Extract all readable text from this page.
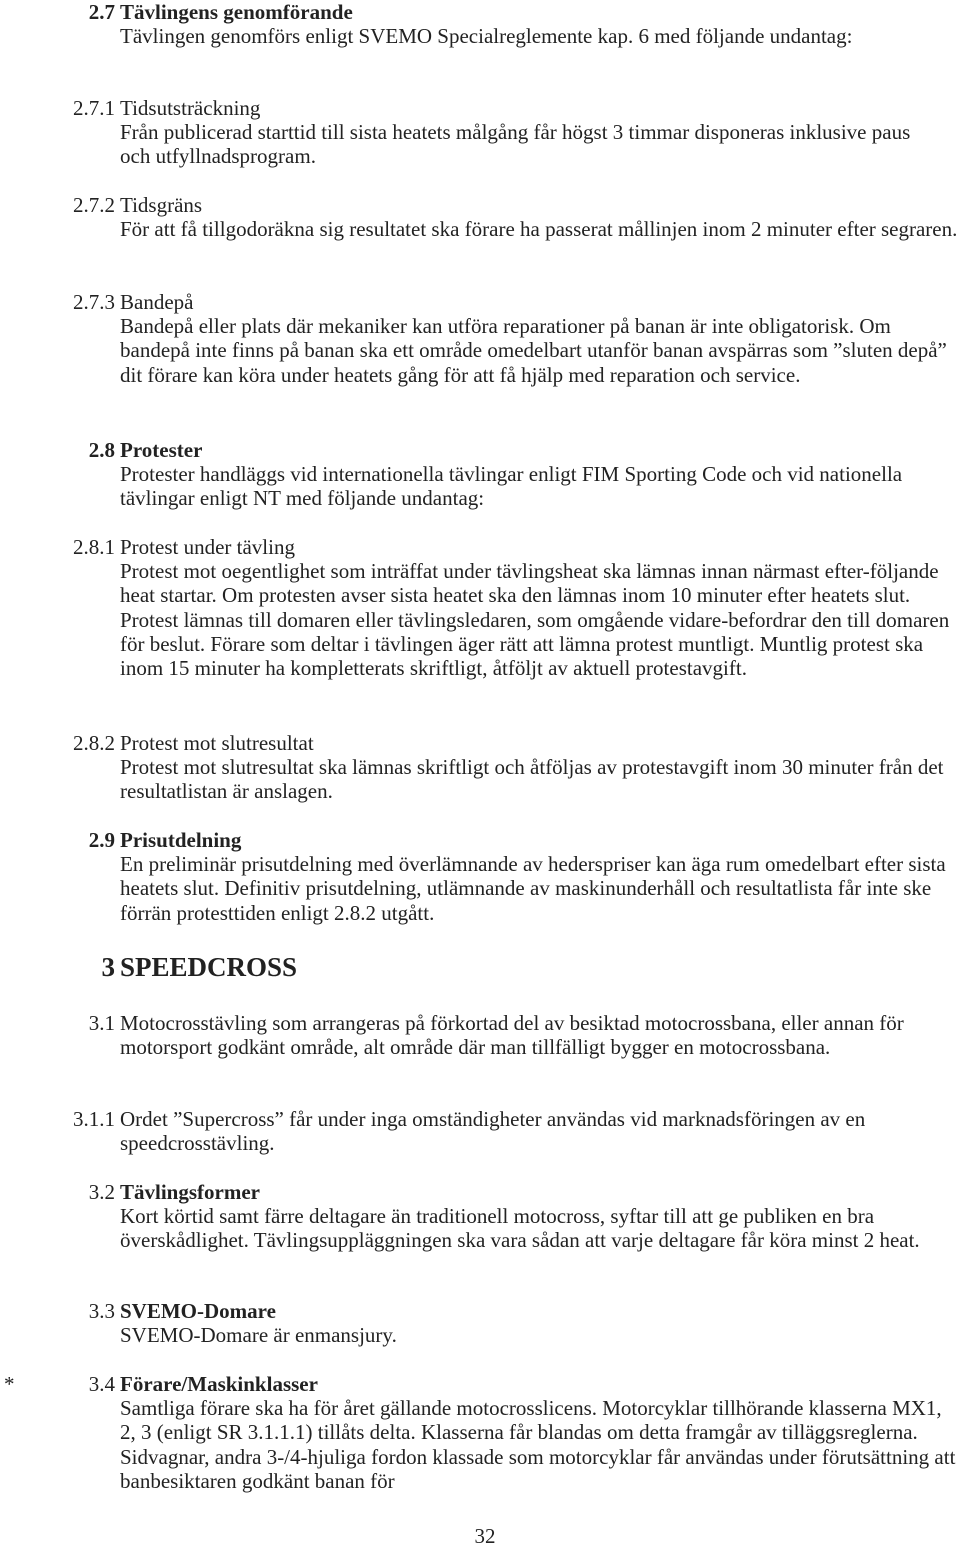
2.7 Tävlingens genomförande
Tävlingen genomförs enligt SVEMO Specialreglemente kap. 6 med följande undantag:
2.7.1 Tidsutsträckning
Från publicerad starttid till sista heatets målgång får högst 3 timmar disponeras inklusive paus och utfyllnadsprogram.
2.7.2 Tidsgräns
För att få tillgodoräkna sig resultatet ska förare ha passerat mållinjen inom 2 minuter efter segraren.
2.7.3 Bandepå
Bandepå eller plats där mekaniker kan utföra reparationer på banan är inte obligatorisk. Om bandepå inte finns på banan ska ett område omedelbart utanför banan avspärras som ”sluten depå” dit förare kan köra under heatets gång för att få hjälp med reparation och service.
2.8 Protester
Protester handläggs vid internationella tävlingar enligt FIM Sporting Code och vid nationella tävlingar enligt NT med följande undantag:
2.8.1 Protest under tävling
Protest mot oegentlighet som inträffat under tävlingsheat ska lämnas innan närmast efter-följande heat startar. Om protesten avser sista heatet ska den lämnas inom 10 minuter efter heatets slut. Protest lämnas till domaren eller tävlingsledaren, som omgående vidare-befordrar den till domaren för beslut. Förare som deltar i tävlingen äger rätt att lämna protest muntligt. Muntlig protest ska inom 15 minuter ha kompletterats skriftligt, åtföljt av aktuell protestavgift.
2.8.2 Protest mot slutresultat
Protest mot slutresultat ska lämnas skriftligt och åtföljas av protestavgift inom 30 minuter från det resultatlistan är anslagen.
2.9 Prisutdelning
En preliminär prisutdelning med överlämnande av hederspriser kan äga rum omedelbart efter sista heatets slut. Definitiv prisutdelning, utlämnande av maskinunderhåll och resultatlista får inte ske förrän protesttiden enligt 2.8.2 utgått.
3 SPEEDCROSS
3.1 Motocrosstävling som arrangeras på förkortad del av besiktad motocrossbana, eller annan för motorsport godkänt område, alt område där man tillfälligt bygger en motocrossbana.
3.1.1 Ordet ”Supercross” får under inga omständigheter användas vid marknadsföringen av en speedcrosstävling.
3.2 Tävlingsformer
Kort körtid samt färre deltagare än traditionell motocross, syftar till att ge publiken en bra överskådlighet. Tävlingsuppläggningen ska vara sådan att varje deltagare får köra minst 2 heat.
3.3 SVEMO-Domare
SVEMO-Domare är enmansjury.
*	3.4 Förare/Maskinklasser
Samtliga förare ska ha för året gällande motocrosslicens. Motorcyklar tillhörande klasserna MX1, 2, 3 (enligt SR 3.1.1.1) tillåts delta. Klasserna får blandas om detta framgår av tilläggsreglerna. Sidvagnar, andra 3-/4-hjuliga fordon klassade som motorcyklar får användas under förutsättning att banbesiktaren godkänt banan för
32
